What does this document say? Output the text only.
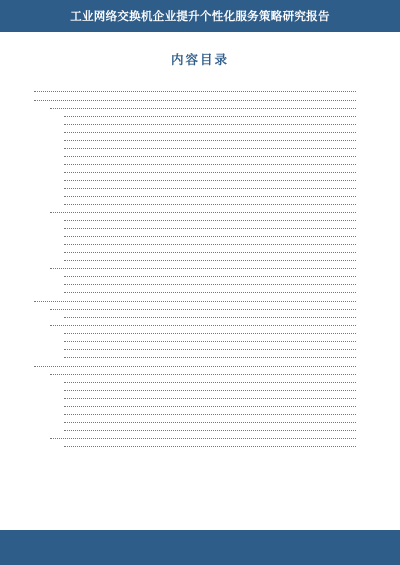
工业网络交换机企业提升个性化服务策略研究报告
内容目录
